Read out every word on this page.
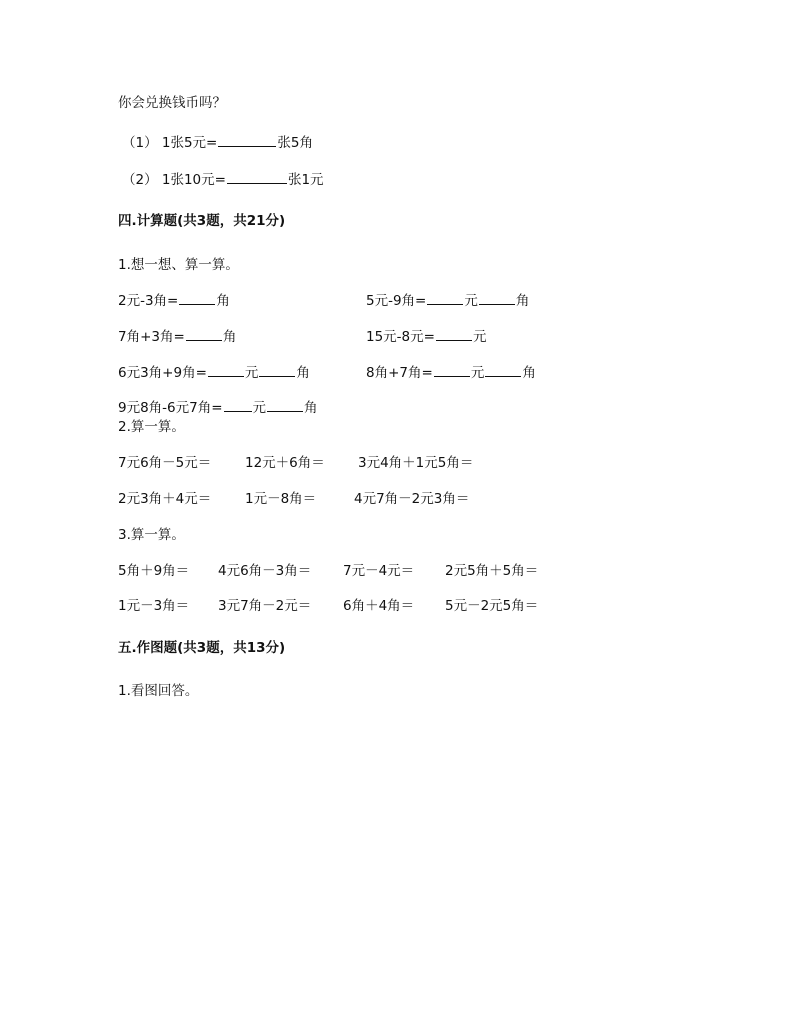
你会兑换钱币吗？
（1） 1张5元=	张5角
（2） 1张10元=	张1元
四.计算题(共3题，共21分)
1.想一想、算一算。
2元-3角=	角	5元-9角=	元	角
7角+3角=	角	15元-8元=	元
6元3角+9角=	元	角	8角+7角=	元	角
9元8角-6元7角= 元	角
2.算一算。
7元6角－5元＝ 12元＋6角＝ 3元4角＋1元5角＝
2元3角＋4元＝ 1元－8角＝	4元7角－2元3角＝
3.算一算。
5角＋9角＝ 4元6角－3角＝ 7元－4元＝ 2元5角＋5角＝
1元－3角＝ 3元7角－2元＝ 6角＋4角＝ 5元－2元5角＝
五.作图题(共3题，共13分)
1.看图回答。
